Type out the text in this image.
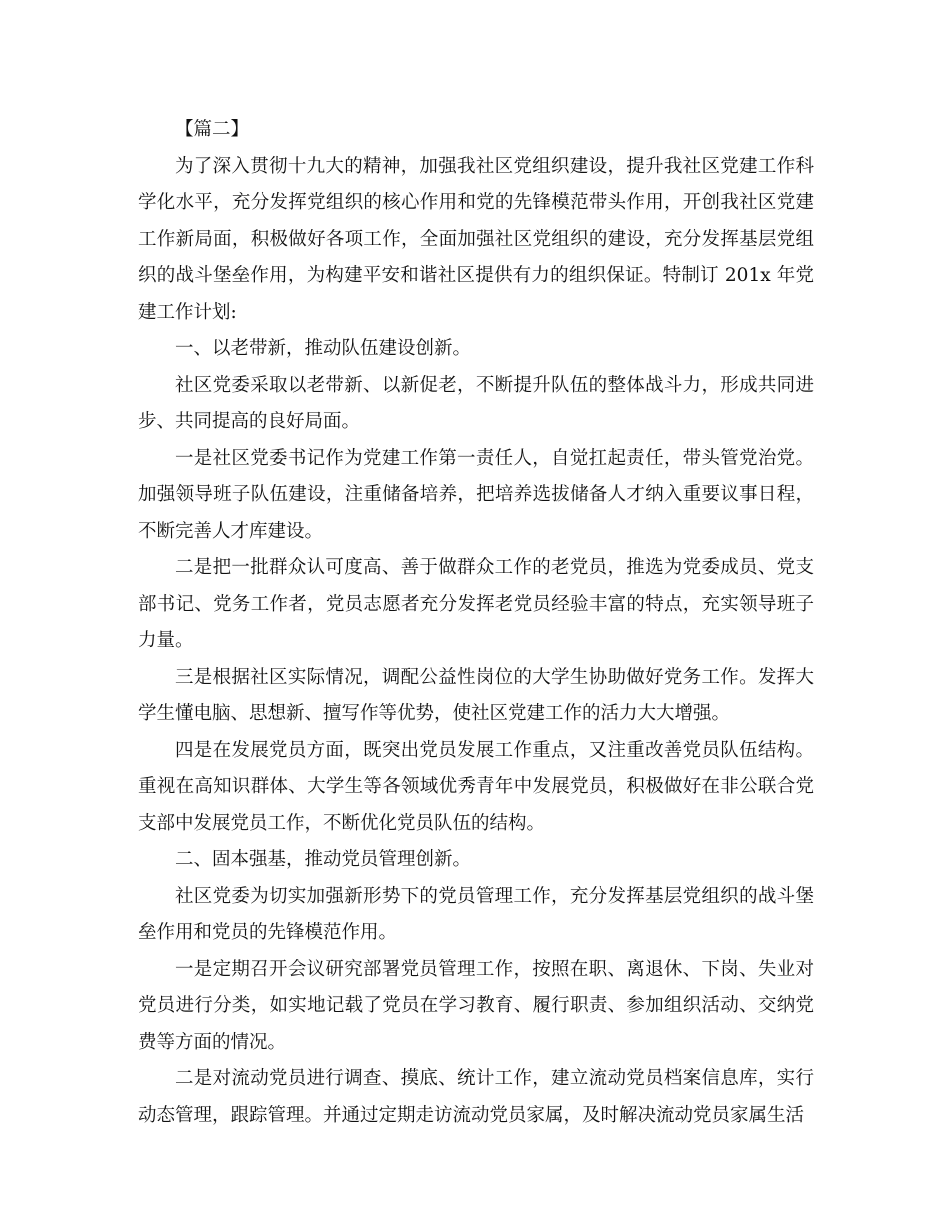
【篇二】

为了深入贯彻十九大的精神，加强我社区党组织建设，提升我社区党建工作科学化水平，充分发挥党组织的核心作用和党的先锋模范带头作用，开创我社区党建工作新局面，积极做好各项工作，全面加强社区党组织的建设，充分发挥基层党组织的战斗堡垒作用，为构建平安和谐社区提供有力的组织保证。特制订 201x 年党建工作计划:

一、以老带新，推动队伍建设创新。

社区党委采取以老带新、以新促老，不断提升队伍的整体战斗力，形成共同进步、共同提高的良好局面。

一是社区党委书记作为党建工作第一责任人，自觉扛起责任，带头管党治党。加强领导班子队伍建设，注重储备培养，把培养选拔储备人才纳入重要议事日程，不断完善人才库建设。

二是把一批群众认可度高、善于做群众工作的老党员，推选为党委成员、党支部书记、党务工作者，党员志愿者充分发挥老党员经验丰富的特点，充实领导班子力量。

三是根据社区实际情况，调配公益性岗位的大学生协助做好党务工作。发挥大学生懂电脑、思想新、擅写作等优势，使社区党建工作的活力大大增强。

四是在发展党员方面，既突出党员发展工作重点，又注重改善党员队伍结构。重视在高知识群体、大学生等各领域优秀青年中发展党员，积极做好在非公联合党支部中发展党员工作，不断优化党员队伍的结构。

二、固本强基，推动党员管理创新。

社区党委为切实加强新形势下的党员管理工作，充分发挥基层党组织的战斗堡垒作用和党员的先锋模范作用。

一是定期召开会议研究部署党员管理工作，按照在职、离退休、下岗、失业对党员进行分类，如实地记载了党员在学习教育、履行职责、参加组织活动、交纳党费等方面的情况。

二是对流动党员进行调查、摸底、统计工作，建立流动党员档案信息库，实行动态管理，跟踪管理。并通过定期走访流动党员家属，及时解决流动党员家属生活
